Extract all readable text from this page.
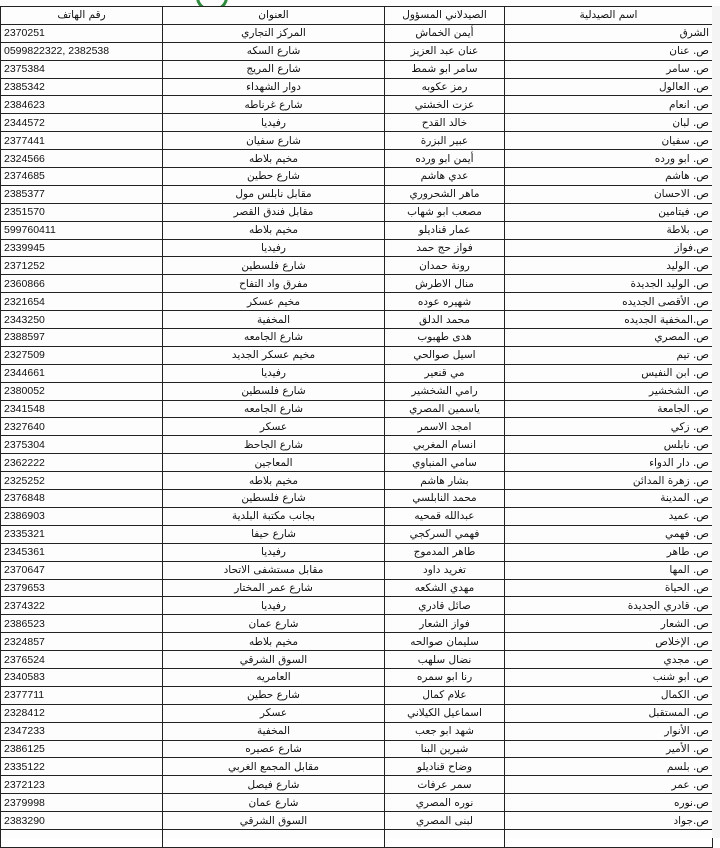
رقم الهاتف	العنوان	الصيدلاني المسؤول	اسم الصيدلية
2370251	المركز التجاري	أيمن الخماش	الشرق
0599822322, 2382538	شارع السكه	عنان عبد العزيز	ص. عنان
2375384	شارع المريج	سامر ابو شمط	ص. سامر
2385342	دوار الشهداء	رمز عكوبه	ص. العالول
2384623	شارع غرناطه	عزت الخشتي	ص. انعام
2344572	رفيديا	خالد القدح	ص. لبان
2377441	شارع سفيان	عبير البزرة	ص. سفيان
2324566	مخيم بلاطه	أيمن ابو ورده	ص. ابو ورده
2374685	شارع حطين	عدي هاشم	ص. هاشم
2385377	مقابل نابلس مول	ماهر الشحروري	ص. الاحسان
2351570	مقابل فندق القصر	مصعب ابو شهاب	ص. فيتامين
599760411	مخيم بلاطه	عمار قناديلو	ص. بلاطة
2339945	رفيديا	فواز حج حمد	ص.فواز
2371252	شارع فلسطين	رونة حمدان	ص. الوليد
2360866	مفرق واد التفاح	منال الاطرش	ص. الوليد الجديدة
2321654	مخيم عسكر	شهيره عوده	ص. الأقصى الجديده
2343250	المخفية	محمد الدلق	ص.المخفية الجديده
2388597	شارع الجامعه	هدى طهبوب	ص. المصري
2327509	مخيم عسكر الجديد	اسيل صوالحي	ص. تيم
2344661	رفيديا	مي قنعير	ص. ابن النفيس
2380052	شارع فلسطين	رامي الشخشير	ص. الشخشير
2341548	شارع الجامعه	ياسمين المصري	ص. الجامعة
2327640	عسكر	امجد الاسمر	ص. زكي
2375304	شارع الجاحظ	انسام المغربي	ص. نابلس
2362222	المعاجين	سامي المنباوي	ص. دار الدواء
2325252	مخيم بلاطه	بشار هاشم	ص. زهرة المدائن
2376848	شارع فلسطين	محمد النابلسي	ص. المدينة
2386903	بجانب مكتبة البلدية	عبدالله قمحيه	ص. عميد
2335321	شارع حيفا	فهمي السركجي	ص. فهمي
2345361	رفيديا	طاهر المدموج	ص. طاهر
2370647	مقابل مستشفى الاتحاد	تغريد داود	ص. المها
2379653	شارع عمر المختار	مهدي الشكعه	ص. الحياة
2374322	رفيديا	صائل قادري	ص. قادري الجديدة
2386523	شارع عمان	فواز الشعار	ص. الشعار
2324857	مخيم بلاطه	سليمان صوالحه	ص. الإخلاص
2376524	السوق الشرقي	نضال سلهب	ص. مجدي
2340583	العامريه	رنا ابو سمره	ص. ابو شنب
2377711	شارع حطين	علام كمال	ص. الكمال
2328412	عسكر	اسماعيل الكيلاني	ص. المستقبل
2347233	المخفية	شهد ابو جعب	ص. الأنوار
2386125	شارع عصيره	شيرين البنا	ص. الأمير
2335122	مقابل المجمع الغربي	وضاح قناديلو	ص. بلسم
2372123	شارع فيصل	سمر عرفات	ص. عمر
2379998	شارع عمان	نوره المصري	ص.نوره
2383290	السوق الشرقي	لبنى المصري	ص.جواد
